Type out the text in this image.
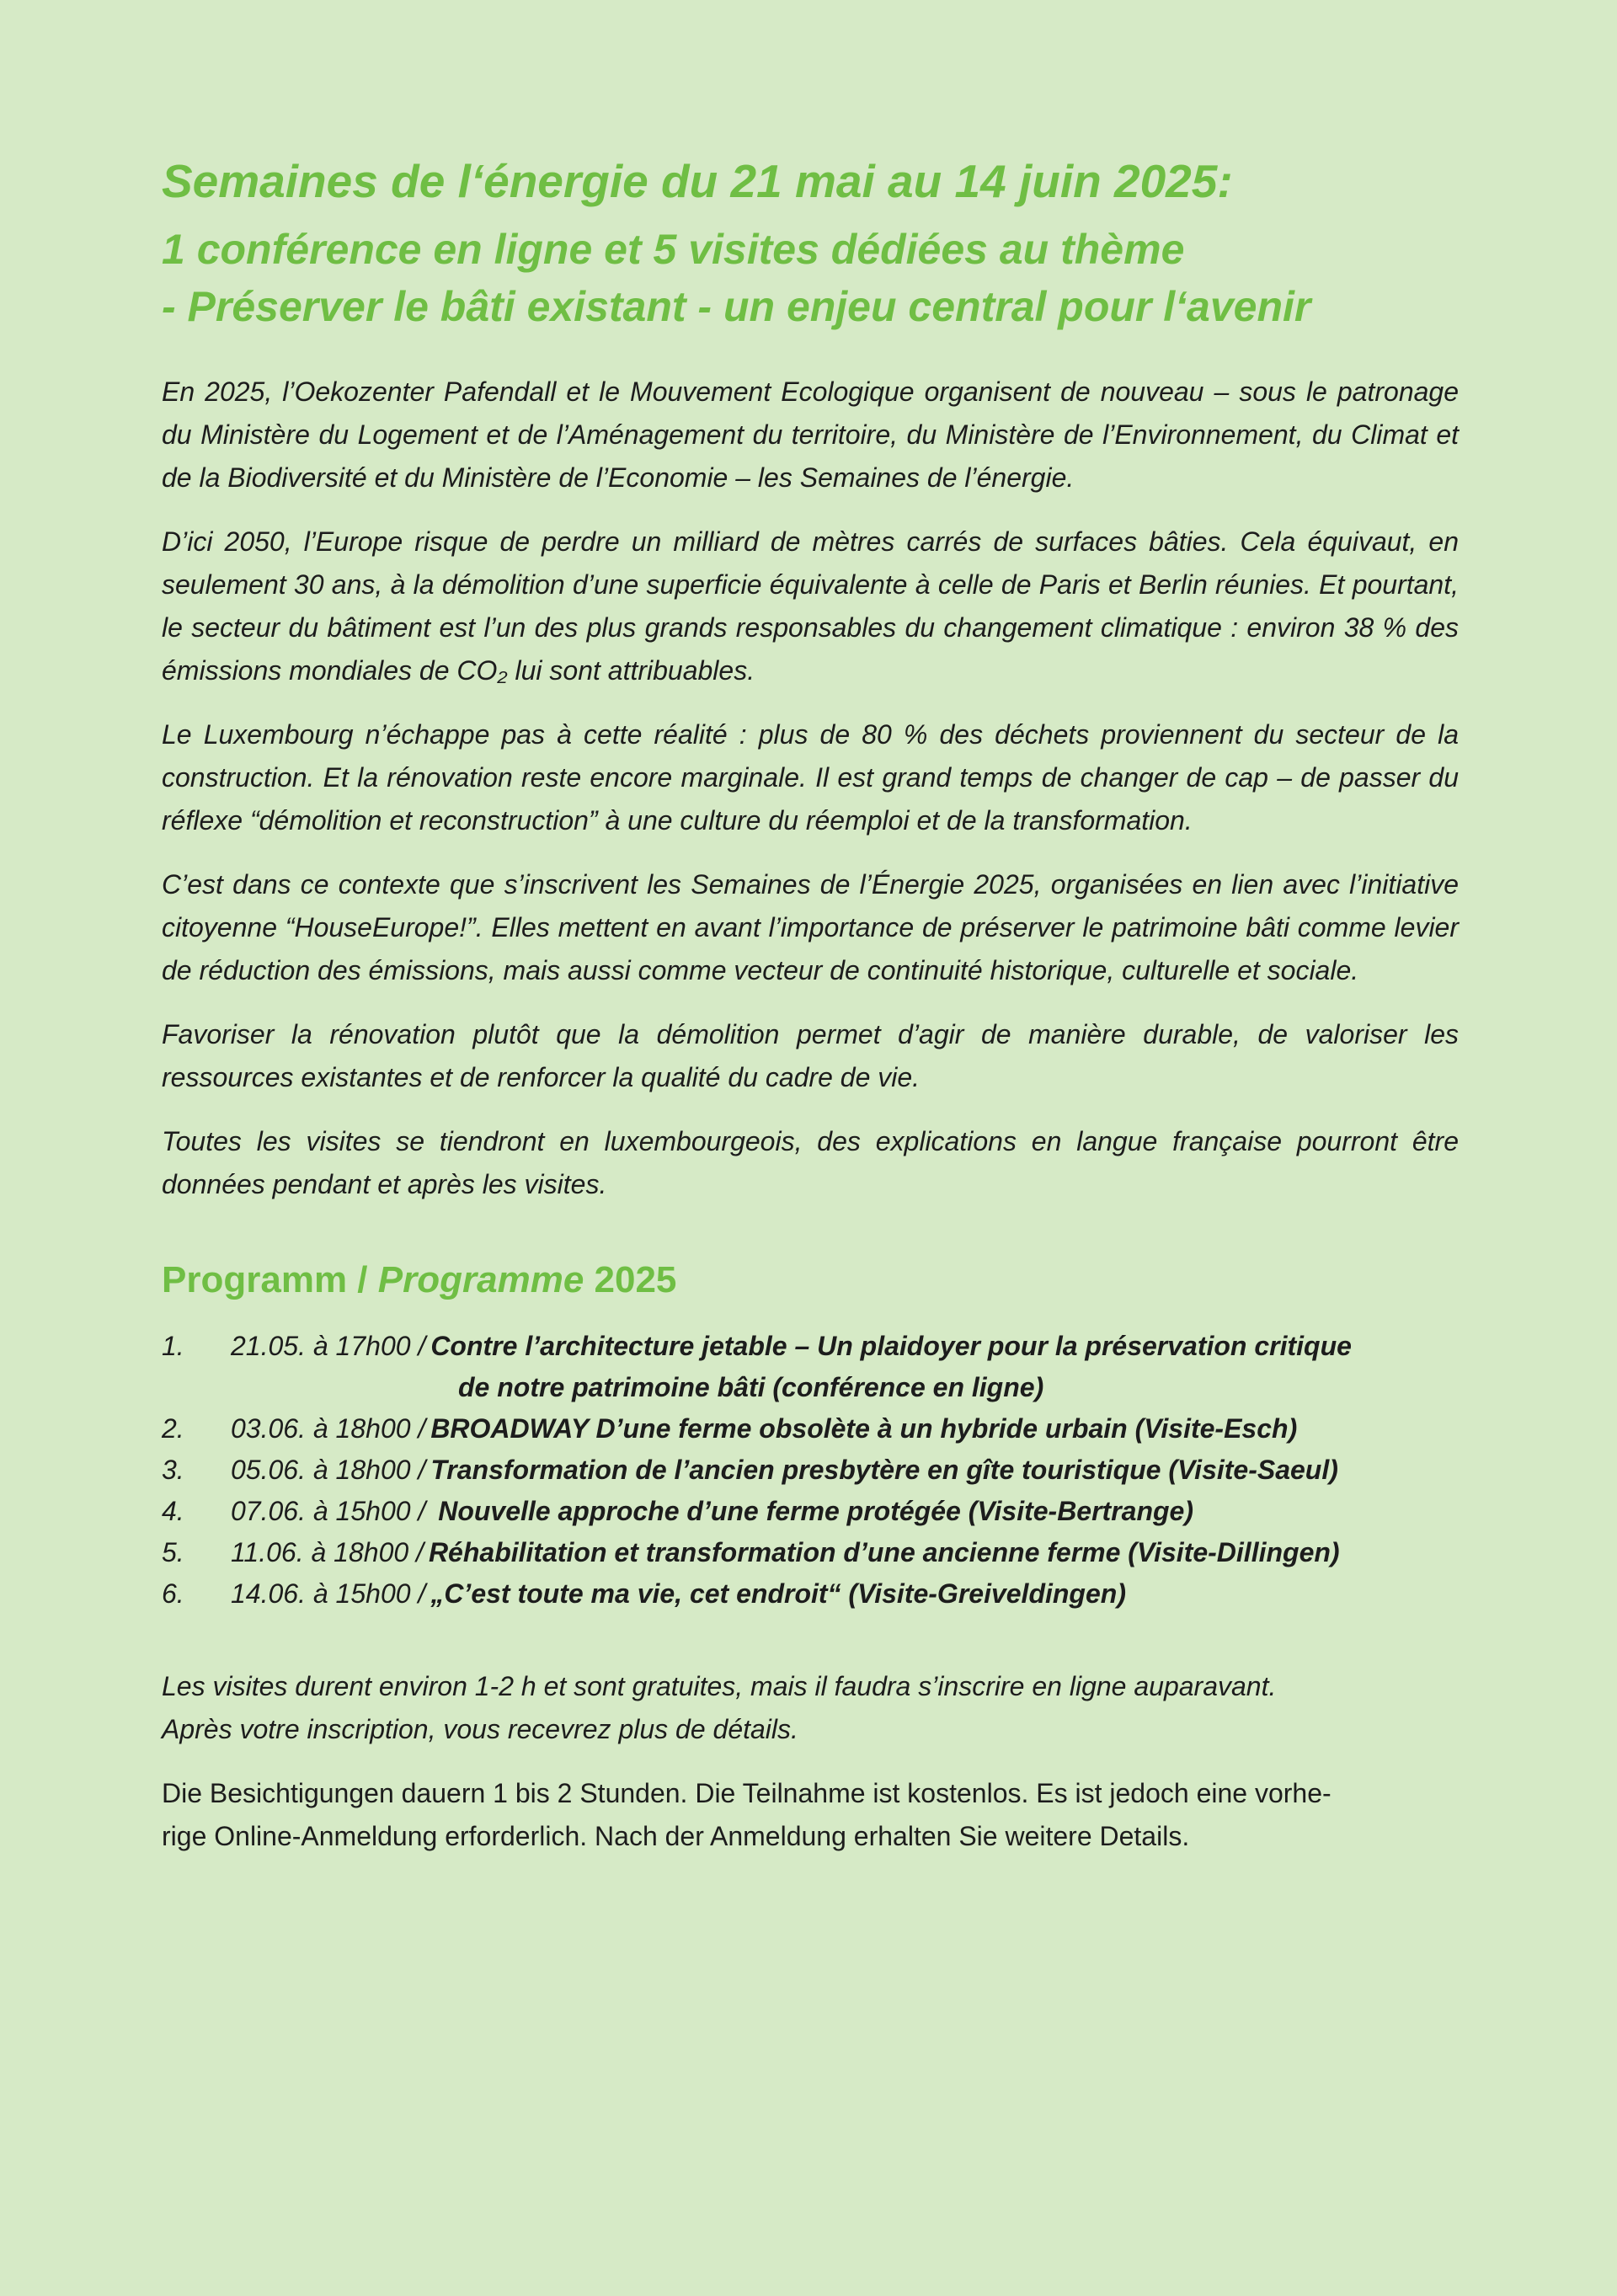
Semaines de l‘énergie du 21 mai au 14 juin 2025:
1 conférence en ligne et 5 visites dédiées au thème
- Préserver le bâti existant - un enjeu central pour l‘avenir

En 2025, l’Oekozenter Pafendall et le Mouvement Ecologique organisent de nouveau – sous le patronage du Ministère du Logement et de l’Aménagement du territoire, du Ministère de l’Environnement, du Climat et de la Biodiversité et du Ministère de l’Economie – les Semaines de l’énergie.

D’ici 2050, l’Europe risque de perdre un milliard de mètres carrés de surfaces bâties. Cela équivaut, en seulement 30 ans, à la démolition d’une superficie équivalente à celle de Paris et Berlin réunies. Et pourtant, le secteur du bâtiment est l’un des plus grands responsables du changement climatique : environ 38 % des émissions mondiales de CO₂ lui sont attribuables.

Le Luxembourg n’échappe pas à cette réalité : plus de 80 % des déchets proviennent du secteur de la construction. Et la rénovation reste encore marginale. Il est grand temps de changer de cap – de passer du réflexe “démolition et reconstruction” à une culture du réemploi et de la transformation.

C’est dans ce contexte que s’inscrivent les Semaines de l’Énergie 2025, organisées en lien avec l’initiative citoyenne “HouseEurope!”. Elles mettent en avant l’importance de préserver le patrimoine bâti comme levier de réduction des émissions, mais aussi comme vecteur de continuité historique, culturelle et sociale.

Favoriser la rénovation plutôt que la démolition permet d’agir de manière durable, de valoriser les ressources existantes et de renforcer la qualité du cadre de vie.

Toutes les visites se tiendront en luxembourgeois, des explications en langue française pourront être données pendant et après les visites.

Programm / Programme 2025
1.	21.05. à 17h00 / Contre l’architecture jetable – Un plaidoyer pour la préservation critique
de notre patrimoine bâti (conférence en ligne)
2.	03.06. à 18h00 / BROADWAY D’une ferme obsolète à un hybride urbain (Visite-Esch)
3.	05.06. à 18h00 / Transformation de l’ancien presbytère en gîte touristique (Visite-Saeul)
4.	07.06. à 15h00 / Nouvelle approche d’une ferme protégée (Visite-Bertrange)
5.	11.06. à 18h00 / Réhabilitation et transformation d’une ancienne ferme (Visite-Dillingen)
6.	14.06. à 15h00 / „C’est toute ma vie, cet endroit“ (Visite-Greiveldingen)
Les visites durent environ 1-2 h et sont gratuites, mais il faudra s’inscrire en ligne auparavant.
Après votre inscription, vous recevrez plus de détails.
Die Besichtigungen dauern 1 bis 2 Stunden. Die Teilnahme ist kostenlos. Es ist jedoch eine vorhe-
rige Online-Anmeldung erforderlich. Nach der Anmeldung erhalten Sie weitere Details.
